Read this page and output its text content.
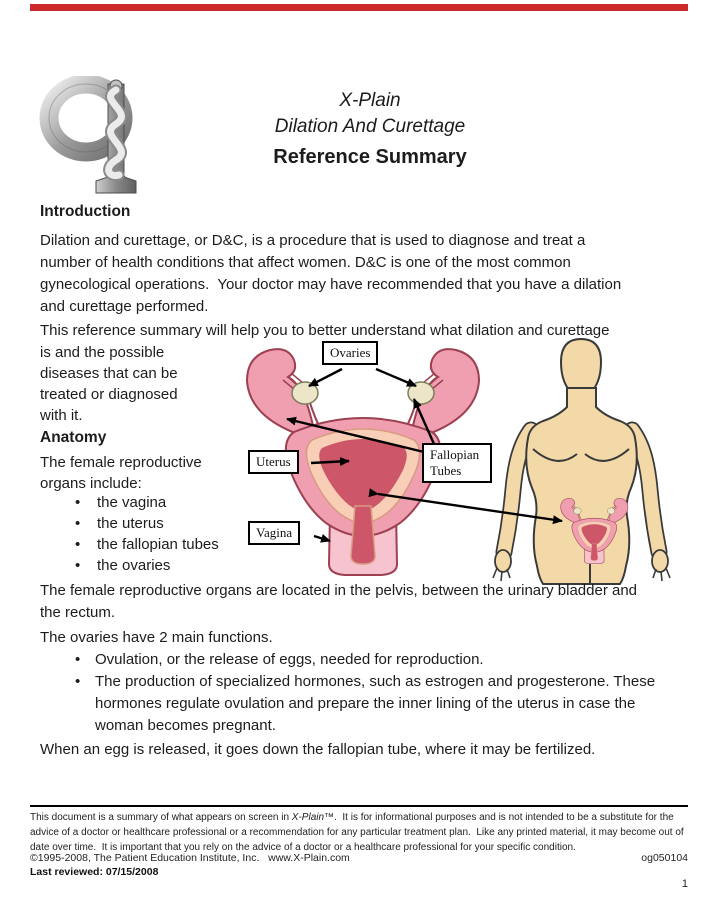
X-Plain
Dilation And Curettage
Reference Summary
Introduction
Dilation and curettage, or D&C, is a procedure that is used to diagnose and treat a number of health conditions that affect women. D&C is one of the most common gynecological operations.  Your doctor may have recommended that you have a dilation and curettage performed.
This reference summary will help you to better understand what dilation and curettage
is and the possible diseases that can be treated or diagnosed with it.
Anatomy
The female reproductive organs include:
•	the vagina
•	the uterus
•	the fallopian tubes
•	the ovaries
Ovaries
Uterus	Fallopian Tubes
Vagina
The female reproductive organs are located in the pelvis, between the urinary bladder and the rectum.
The ovaries have 2 main functions.
• Ovulation, or the release of eggs, needed for reproduction.
• The production of specialized hormones, such as estrogen and progesterone. These hormones regulate ovulation and prepare the inner lining of the uterus in case the woman becomes pregnant.
When an egg is released, it goes down the fallopian tube, where it may be fertilized.
This document is a summary of what appears on screen in X-Plain™.  It is for informational purposes and is not intended to be a substitute for the advice of a doctor or healthcare professional or a recommendation for any particular treatment plan.  Like any printed material, it may become out of date over time.  It is important that you rely on the advice of a doctor or a healthcare professional for your specific condition.
©1995-2008, The Patient Education Institute, Inc.   www.X-Plain.com	og050104
Last reviewed: 07/15/2008
1
